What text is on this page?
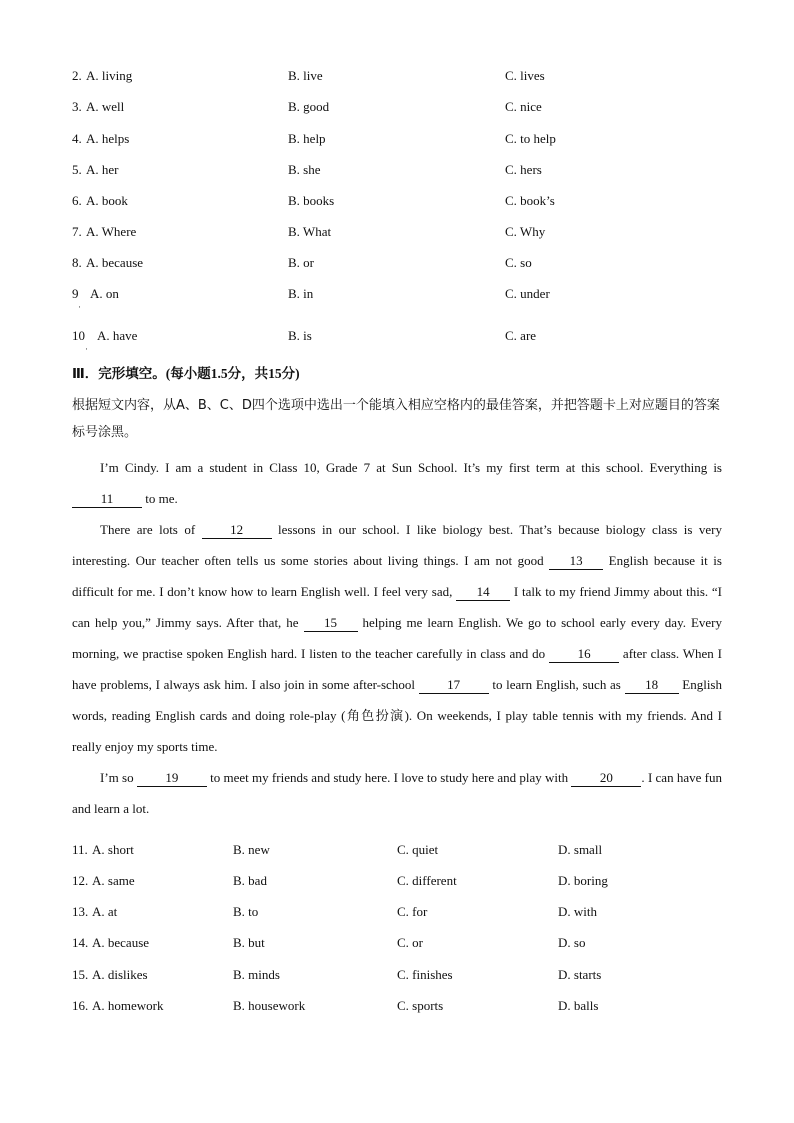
2. A. living	B. live	C. lives
3. A. well	B. good	C. nice
4. A. helps	B. help	C. to help
5. A. her	B. she	C. hers
6. A. book	B. books	C. book’s
7. A. Where	B. What	C. Why
8. A. because	B. or	C. so
9 A. on	B. in	C. under
·
10 A. have	B. is	C. are
·
Ⅲ．完形填空。(每小题1.5分，共15分)
根据短文内容，从A、B、C、D四个选项中选出一个能填入相应空格内的最佳答案，并把答题卡上对应题目的答案标号涂黑。

I’m Cindy. I am a student in Class 10, Grade 7 at Sun School. It’s my first term at this school. Everything is 11 to me.

There are lots of 12 lessons in our school. I like biology best. That’s because biology class is very interesting. Our teacher often tells us some stories about living things. I am not good 13 English because it is difficult for me. I don’t know how to learn English well. I feel very sad, 14 I talk to my friend Jimmy about this. “I can help you,” Jimmy says. After that, he 15 helping me learn English. We go to school early every day. Every morning, we practise spoken English hard. I listen to the teacher carefully in class and do 16 after class. When I have problems, I always ask him. I also join in some after-school 17 to learn English, such as 18 English words, reading English cards and doing role-play (角色扮演). On weekends, I play table tennis with my friends. And I really enjoy my sports time.

I’m so 19 to meet my friends and study here. I love to study here and play with 20 . I can have fun and learn a lot.

11. A. short	B. new	C. quiet	D. small
12. A. same	B. bad	C. different	D. boring
13. A. at	B. to	C. for	D. with
14. A. because	B. but	C. or	D. so
15. A. dislikes	B. minds	C. finishes	D. starts
16. A. homework	B. housework	C. sports	D. balls
